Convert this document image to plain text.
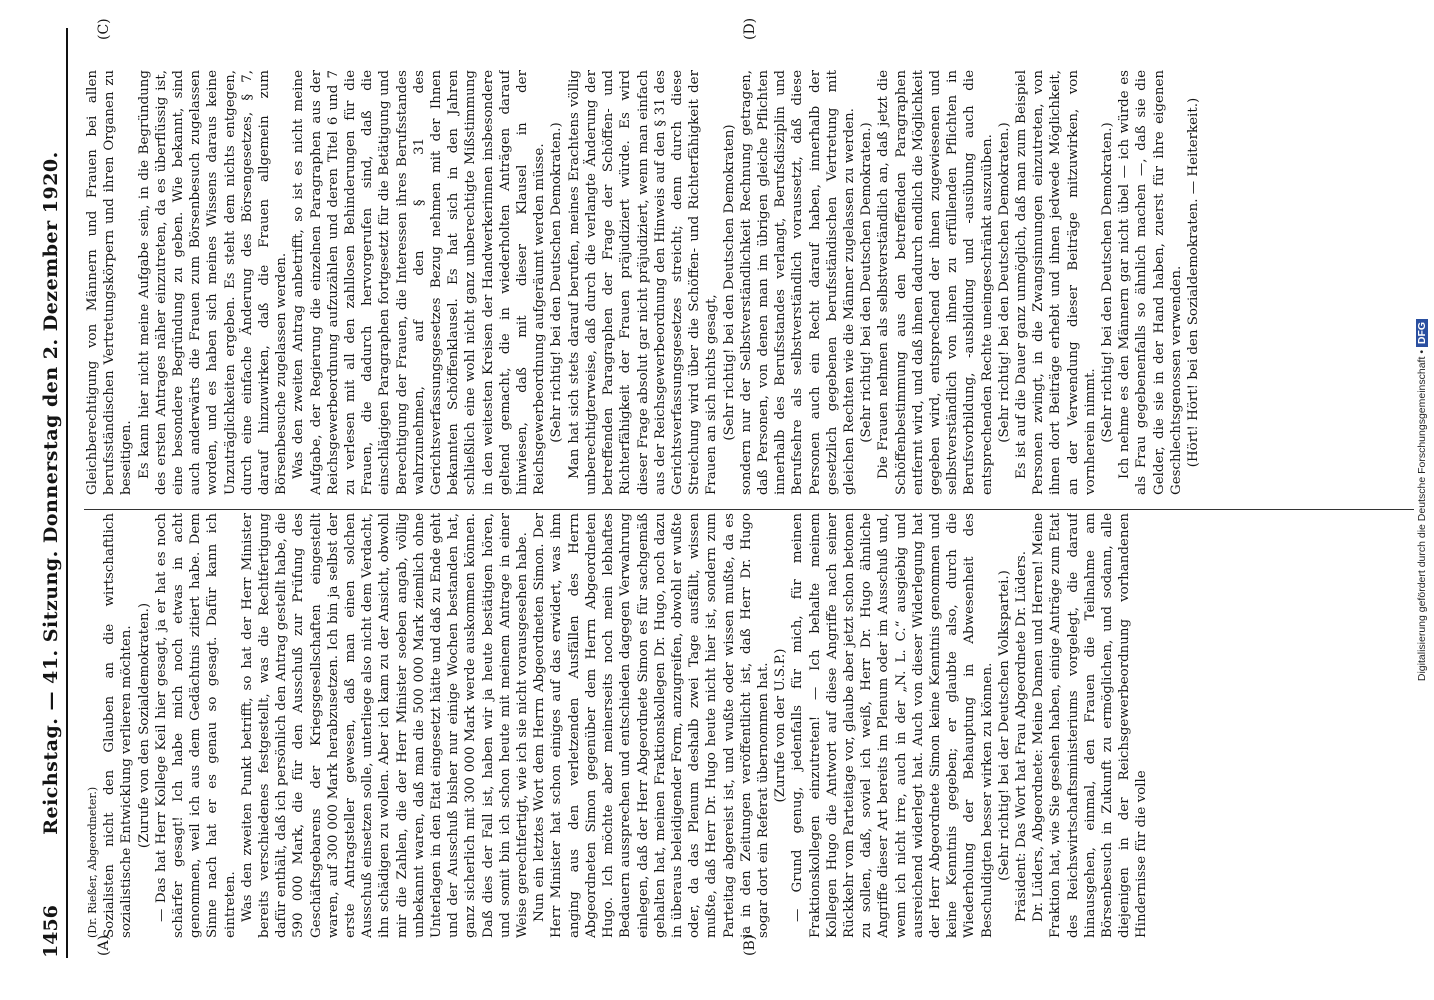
1456
Reichstag. — 41. Sitzung. Donnerstag den 2. Dezember 1920.
(A)	(B)
(C)	(D)

(Dr. Rießer, Abgeordneter.) Sozialisten nicht den Glauben an die wirtschaftlich sozialistische Entwicklung verlieren möchten. (Zurufe von den Sozialdemokraten.) — Das hat Herr Kollege Keil hier gesagt, ja er hat es noch schärfer gesagt! Ich habe mich noch etwas in acht genommen, weil ich aus dem Gedächtnis zitiert habe. Dem Sinne nach hat er es genau so gesagt. Dafür kann ich eintreten. Was den zweiten Punkt betrifft, so hat der Herr Minister bereits verschiedenes festgestellt, was die Rechtfertigung dafür enthält, daß ich persönlich den Antrag gestellt habe, die 590 000 Mark, die für den Ausschuß zur Prüfung des Geschäftsgebarens der Kriegsgesellschaften eingestellt waren, auf 300 000 Mark herabzusetzen. Ich bin ja selbst der erste Antragsteller gewesen, daß man einen solchen Ausschuß einsetzen solle, unterliege also nicht dem Verdacht, ihn schädigen zu wollen. Aber ich kam zu der Ansicht, obwohl mir die Zahlen, die der Herr Minister soeben angab, völlig unbekannt waren, daß man die 500 000 Mark ziemlich ohne Unterlagen in den Etat eingesetzt hätte und daß zu Ende geht und der Ausschuß bisher nur einige Wochen bestanden hat, ganz sicherlich mit 300 000 Mark werde auskommen können. Daß dies der Fall ist, haben wir ja heute bestätigen hören, und somit bin ich schon heute mit meinem Antrage in einer Weise gerechtfertigt, wie ich sie nicht vorausgesehen habe. Nun ein letztes Wort dem Herrn Abgeordneten Simon. Der Herr Minister hat schon einiges auf das erwidert, was ihm anging aus den verletzenden Ausfällen des Herrn Abgeordneten Simon gegenüber dem Herrn Abgeordneten Hugo. Ich möchte aber meinerseits noch mein lebhaftes Bedauern aussprechen und entschieden dagegen Verwahrung einlegen, daß der Herr Abgeordnete Simon es für sachgemäß gehalten hat, meinen Fraktionskollegen Dr. Hugo, noch dazu in überaus beleidigender Form, anzugreifen, obwohl er wußte oder, da das Plenum deshalb zwei Tage ausfällt, wissen mußte, daß Herr Dr. Hugo heute nicht hier ist, sondern zum Parteitag abgereist ist, und wußte oder wissen mußte, da es ja in den Zeitungen veröffentlicht ist, daß Herr Dr. Hugo sogar dort ein Referat übernommen hat. (Zurufe von der U.S.P.) — Grund genug, jedenfalls für mich, für meinen Fraktionskollegen einzutreten! — Ich behalte meinem Kollegen Hugo die Antwort auf diese Angriffe nach seiner Rückkehr vom Parteitage vor, glaube aber jetzt schon betonen zu sollen, daß, soviel ich weiß, Herr Dr. Hugo ähnliche Angriffe dieser Art bereits im Plenum oder im Ausschuß und, wenn ich nicht irre, auch in der „N. L. C.“ ausgiebig und ausreichend widerlegt hat. Auch von dieser Widerlegung hat der Herr Abgeordnete Simon keine Kenntnis genommen und keine Kenntnis gegeben; er glaubte also, durch die Wiederholung der Behauptung in Abwesenheit des Beschuldigten besser wirken zu können. (Sehr richtig! bei der Deutschen Volkspartei.) Präsident: Das Wort hat Frau Abgeordnete Dr. Lüders. Dr. Lüders, Abgeordnete: Meine Damen und Herren! Meine Fraktion hat, wie Sie gesehen haben, einige Anträge zum Etat des Reichswirtschaftsministeriums vorgelegt, die darauf hinausgehen, einmal, den Frauen die Teilnahme am Börsenbesuch in Zukunft zu ermöglichen, und sodann, alle diejenigen in der Reichsgewerbeordnung vorhandenen Hindernisse für die volle

Gleichberechtigung von Männern und Frauen bei allen berufsständischen Vertretungskörpern und ihren Organen zu beseitigen. Es kann hier nicht meine Aufgabe sein, in die Begründung des ersten Antrages näher einzutreten, da es überflüssig ist, eine besondere Begründung zu geben. Wie bekannt, sind auch anderwärts die Frauen zum Börsenbesuch zugelassen worden, und es haben sich meines Wissens daraus keine Unzuträglichkeiten ergeben. Es steht dem nichts entgegen, durch eine einfache Änderung des Börsengesetzes, § 7, darauf hinzuwirken, daß die Frauen allgemein zum Börsenbesuche zugelassen werden. Was den zweiten Antrag anbetrifft, so ist es nicht meine Aufgabe, der Regierung die einzelnen Paragraphen aus der Reichsgewerbeordnung aufzuzählen und deren Titel 6 und 7 zu verlesen mit all den zahllosen Behinderungen für die Frauen, die dadurch hervorgerufen sind, daß die einschlägigen Paragraphen fortgesetzt für die Betätigung und Berechtigung der Frauen, die Interessen ihres Berufsstandes wahrzunehmen, auf den § 31 des Gerichtsverfassungsgesetzes Bezug nehmen mit der Ihnen bekannten Schöffenklausel. Es hat sich in den Jahren schließlich eine wohl nicht ganz unberechtigte Mißstimmung in den weitesten Kreisen der Handwerkerinnen insbesondere geltend gemacht, die in wiederholten Anträgen darauf hinwiesen, daß mit dieser Klausel in der Reichsgewerbeordnung aufgeräumt werden müsse. (Sehr richtig! bei den Deutschen Demokraten.) Man hat sich stets darauf berufen, meines Erachtens völlig unberechtigterweise, daß durch die verlangte Änderung der betreffenden Paragraphen der Frage der Schöffen- und Richterfähigkeit der Frauen präjudiziert würde. Es wird dieser Frage absolut gar nicht präjudiziert, wenn man einfach aus der Reichsgewerbeordnung den Hinweis auf den § 31 des Gerichtsverfassungsgesetzes streicht; denn durch diese Streichung wird über die Schöffen- und Richterfähigkeit der Frauen an sich nichts gesagt, (Sehr richtig! bei den Deutschen Demokraten) sondern nur der Selbstverständlichkeit Rechnung getragen, daß Personen, von denen man im übrigen gleiche Pflichten innerhalb des Berufsstandes verlangt, Berufsdisziplin und Berufsehre als selbstverständlich voraussetzt, daß diese Personen auch ein Recht darauf haben, innerhalb der gesetzlich gegebenen berufsständischen Vertretung mit gleichen Rechten wie die Männer zugelassen zu werden. (Sehr richtig! bei den Deutschen Demokraten.) Die Frauen nehmen als selbstverständlich an, daß jetzt die Schöffenbestimmung aus den betreffenden Paragraphen entfernt wird, und daß ihnen dadurch endlich die Möglichkeit gegeben wird, entsprechend der ihnen zugewiesenen und selbstverständlich von ihnen zu erfüllenden Pflichten in Berufsvorbildung, -ausbildung und -ausübung auch die entsprechenden Rechte uneingeschränkt auszuüben. (Sehr richtig! bei den Deutschen Demokraten.) Es ist auf die Dauer ganz unmöglich, daß man zum Beispiel Personen zwingt, in die Zwangsinnungen einzutreten, von ihnen dort Beiträge erhebt und ihnen jedwede Möglichkeit, an der Verwendung dieser Beiträge mitzuwirken, von vornherein nimmt. (Sehr richtig! bei den Deutschen Demokraten.) Ich nehme es den Männern gar nicht übel — ich würde es als Frau gegebenenfalls so ähnlich machen —, daß sie die Gelder, die sie in der Hand haben, zuerst für ihre eigenen Geschlechtsgenossen verwenden. (Hört! Hört! bei den Sozialdemokraten. — Heiterkeit.)

Digitalisierung gefördert durch die Deutsche Forschungsgemeinschaft • DFG
